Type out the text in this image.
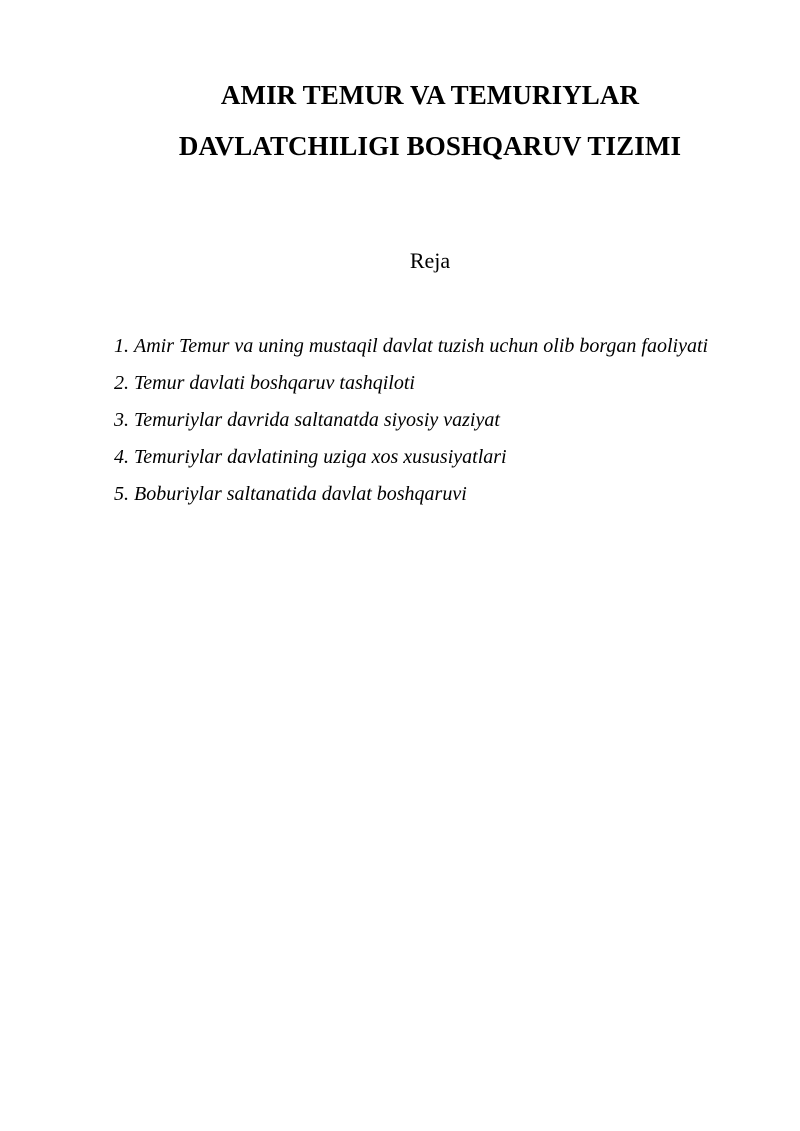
AMIR TEMUR VA TEMURIYLAR
DAVLATCHILIGI BOSHQARUV TIZIMI
Reja
1. Amir Temur va uning mustaqil davlat tuzish uchun olib borgan faoliyati
2. Temur davlati boshqaruv tashqiloti
3. Temuriylar davrida saltanatda siyosiy vaziyat
4. Temuriylar davlatining uziga xos xususiyatlari
5. Boburiylar saltanatida davlat boshqaruvi
